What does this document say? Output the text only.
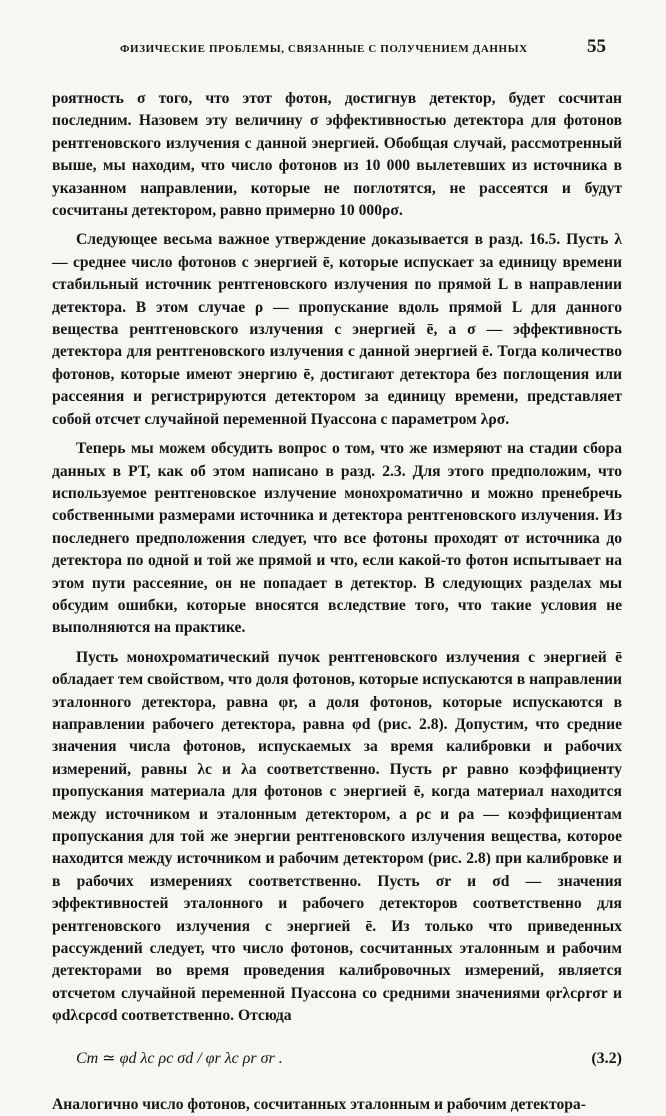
ФИЗИЧЕСКИЕ ПРОБЛЕМЫ, СВЯЗАННЫЕ С ПОЛУЧЕНИЕМ ДАННЫХ	55

роятность σ того, что этот фотон, достигнув детектор, будет сосчитан последним. Назовем эту величину σ эффективностью детектора для фотонов рентгеновского излучения с данной энергией. Обобщая случай, рассмотренный выше, мы находим, что число фотонов из 10 000 вылетевших из источника в указанном направлении, которые не поглотятся, не рассеятся и будут сосчитаны детектором, равно примерно 10 000ρσ.

Следующее весьма важное утверждение доказывается в разд. 16.5. Пусть λ — среднее число фотонов с энергией ē, которые испускает за единицу времени стабильный источник рентгеновского излучения по прямой L в направлении детектора. В этом случае ρ — пропускание вдоль прямой L для данного вещества рентгеновского излучения с энергией ē, а σ — эффективность детектора для рентгеновского излучения с данной энергией ē. Тогда количество фотонов, которые имеют энергию ē, достигают детектора без поглощения или рассеяния и регистрируются детектором за единицу времени, представляет собой отсчет случайной переменной Пуассона с параметром λρσ.

Теперь мы можем обсудить вопрос о том, что же измеряют на стадии сбора данных в РТ, как об этом написано в разд. 2.3. Для этого предположим, что используемое рентгеновское излучение монохроматично и можно пренебречь собственными размерами источника и детектора рентгеновского излучения. Из последнего предположения следует, что все фотоны проходят от источника до детектора по одной и той же прямой и что, если какой-то фотон испытывает на этом пути рассеяние, он не попадает в детектор. В следующих разделах мы обсудим ошибки, которые вносятся вследствие того, что такие условия не выполняются на практике.

Пусть монохроматический пучок рентгеновского излучения с энергией ē обладает тем свойством, что доля фотонов, которые испускаются в направлении эталонного детектора, равна φr, а доля фотонов, которые испускаются в направлении рабочего детектора, равна φd (рис. 2.8). Допустим, что средние значения числа фотонов, испускаемых за время калибровки и рабочих измерений, равны λc и λa соответственно. Пусть ρr равно коэффициенту пропускания материала для фотонов с энергией ē, когда материал находится между источником и эталонным детектором, а ρc и ρa — коэффициентам пропускания для той же энергии рентгеновского излучения вещества, которое находится между источником и рабочим детектором (рис. 2.8) при калибровке и в рабочих измерениях соответственно. Пусть σr и σd — значения эффективностей эталонного и рабочего детекторов соответственно для рентгеновского излучения с энергией ē. Из только что приведенных рассуждений следует, что число фотонов, сосчитанных эталонным и рабочим детекторами во время проведения калибровочных измерений, является отсчетом случайной переменной Пуассона со средними значениями φrλcρrσr и φdλcρcσd соответственно. Отсюда

Cm ≃ φd λc ρc σd / φr λc ρr σr .	(3.2)

Аналогично число фотонов, сосчитанных эталонным и рабочим детектора-
